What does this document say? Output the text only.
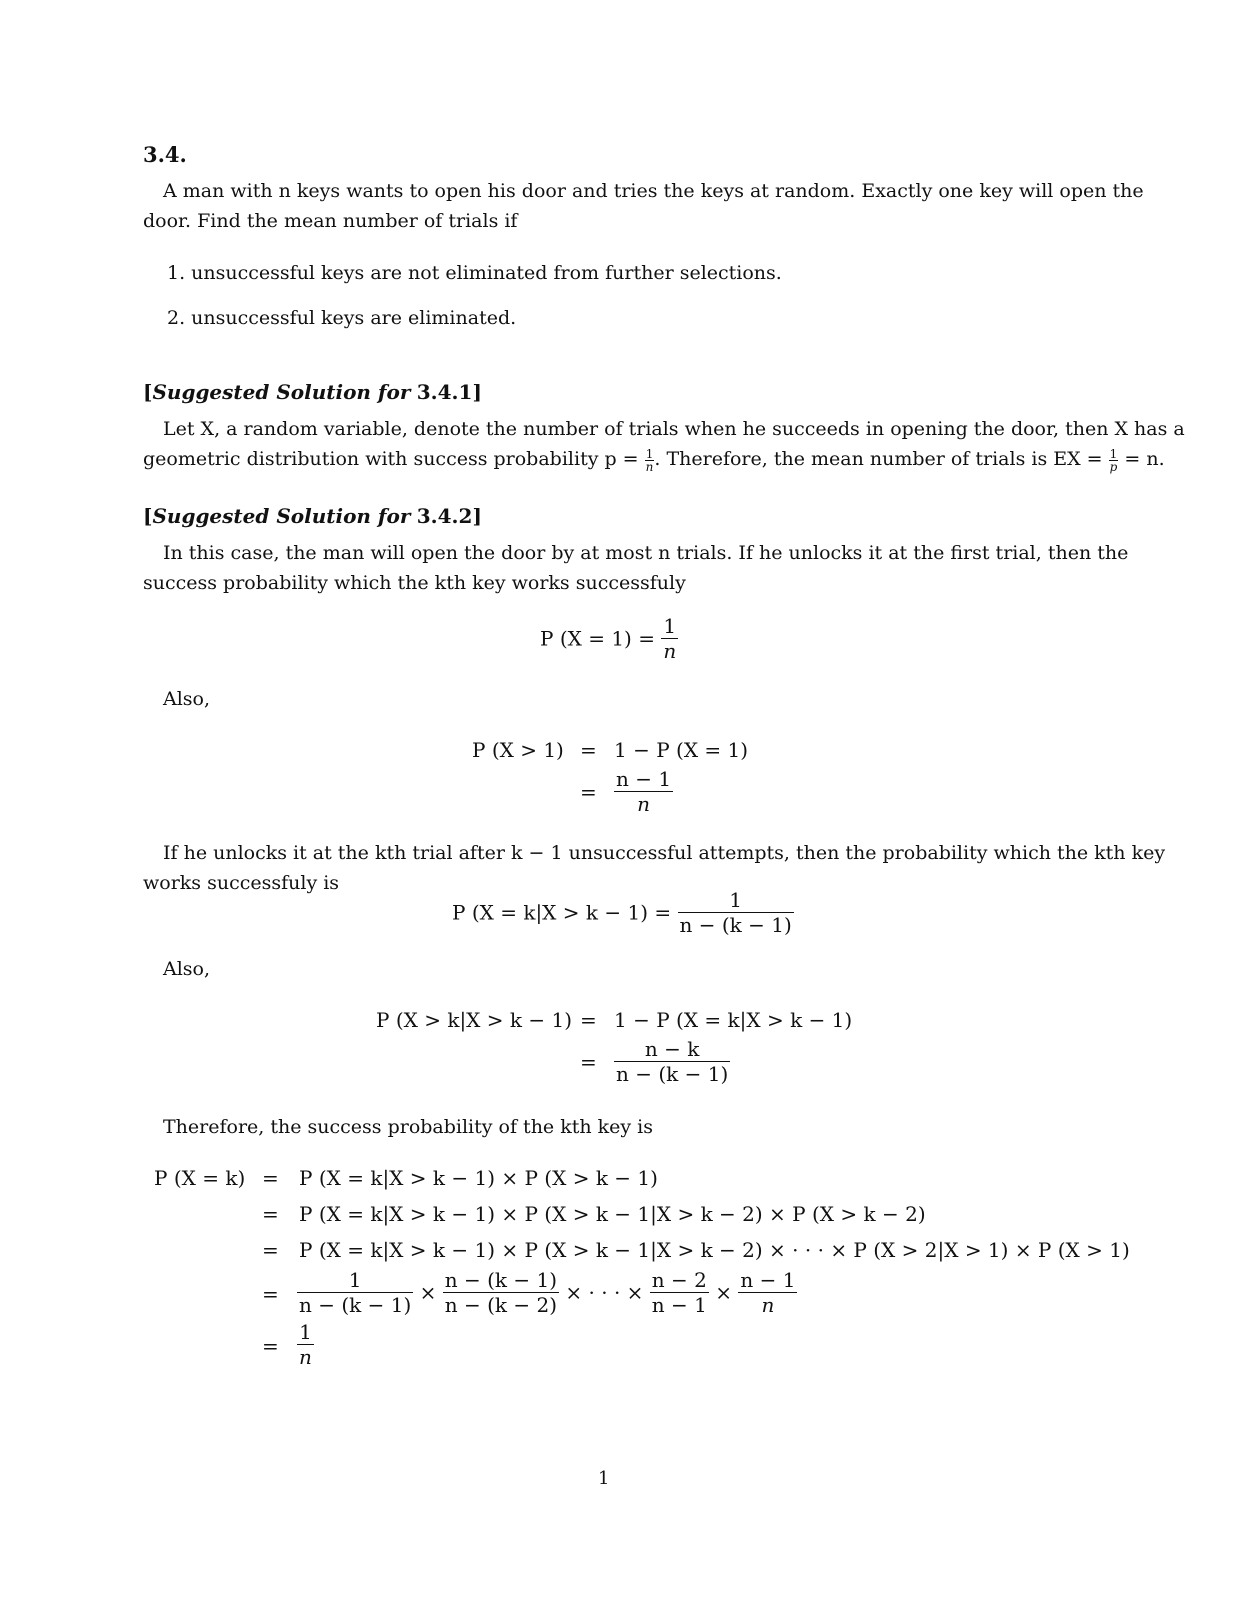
3.4.
A man with n keys wants to open his door and tries the keys at random. Exactly one key will open the
door. Find the mean number of trials if
1. unsuccessful keys are not eliminated from further selections.
2. unsuccessful keys are eliminated.
[Suggested Solution for 3.4.1]
Let X, a random variable, denote the number of trials when he succeeds in opening the door, then X has a
geometric distribution with success probability $p = \frac{1}{n}$ . Therefore, the mean number of trials is EX = $\frac{1}{p} = n$.
[Suggested Solution for 3.4.2]
In this case, the man will open the door by at most n trials. If he unlocks it at the first trial, then the
success probability which the kth key works successfuly
P $(X = 1) = \frac{1}{n}$
Also,
P (X > 1) = 1 − P (X = 1)
= $\frac{n - 1}{n}$
If he unlocks it at the kth trial after k − 1 unsuccessful attempts, then the probability which the kth key
works successfuly is
P $(X = k|X > k - 1) = \frac{1}{n - (k - 1)}$
Also,
P (X > k|X > k − 1) = 1 − P (X = k|X > k − 1)
= $\frac{n - k}{n - (k - 1)}$
Therefore, the success probability of the kth key is
P (X = k) = P (X = k|X > k − 1) × P (X > k − 1)
= P (X = k|X > k − 1) × P (X > k − 1|X > k − 2) × P (X > k − 2)
= P (X = k|X > k − 1) × P (X > k − 1|X > k − 2) × · · · × P (X > 2|X > 1) × P (X > 1)
= $\frac{1}{n - (k - 1)} \times \frac{n - (k - 1)}{n - (k - 2)}$ × · · · × $\frac{n - 2}{n - 1} \times \frac{n - 1}{n}$
= $\frac{1}{n}$
1
